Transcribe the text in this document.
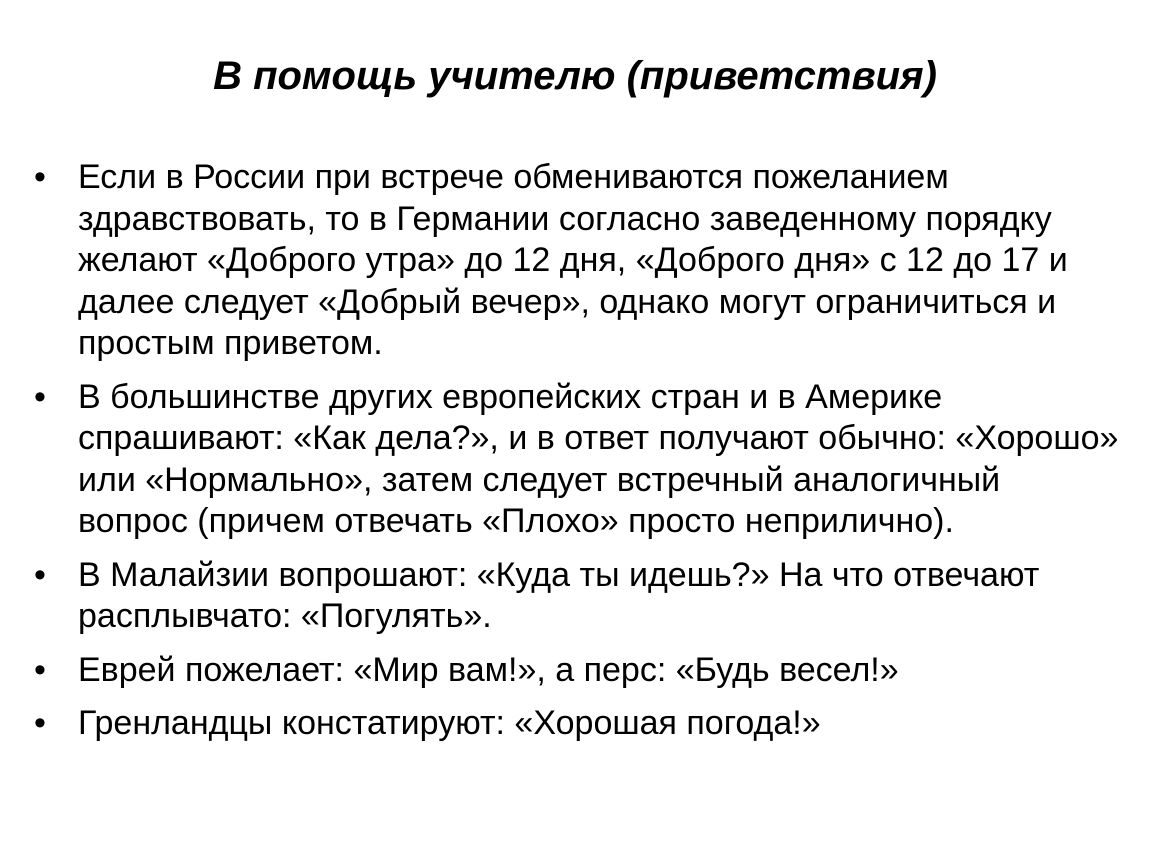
В помощь учителю (приветствия)
• Если в России при встрече обмениваются пожеланием здравствовать, то в Германии согласно заведенному порядку желают «Доброго утра» до 12 дня, «Доброго дня» с 12 до 17 и далее следует «Добрый вечер», однако могут ограничиться и простым приветом.
• В большинстве других европейских стран и в Америке спрашивают: «Как дела?», и в ответ получают обычно: «Хорошо» или «Нормально», затем следует встречный аналогичный вопрос (причем отвечать «Плохо» просто неприлично).
• В Малайзии вопрошают: «Куда ты идешь?» На что отвечают расплывчато: «Погулять».
• Еврей пожелает: «Мир вам!», а перс: «Будь весел!»
• Гренландцы констатируют: «Хорошая погода!»
